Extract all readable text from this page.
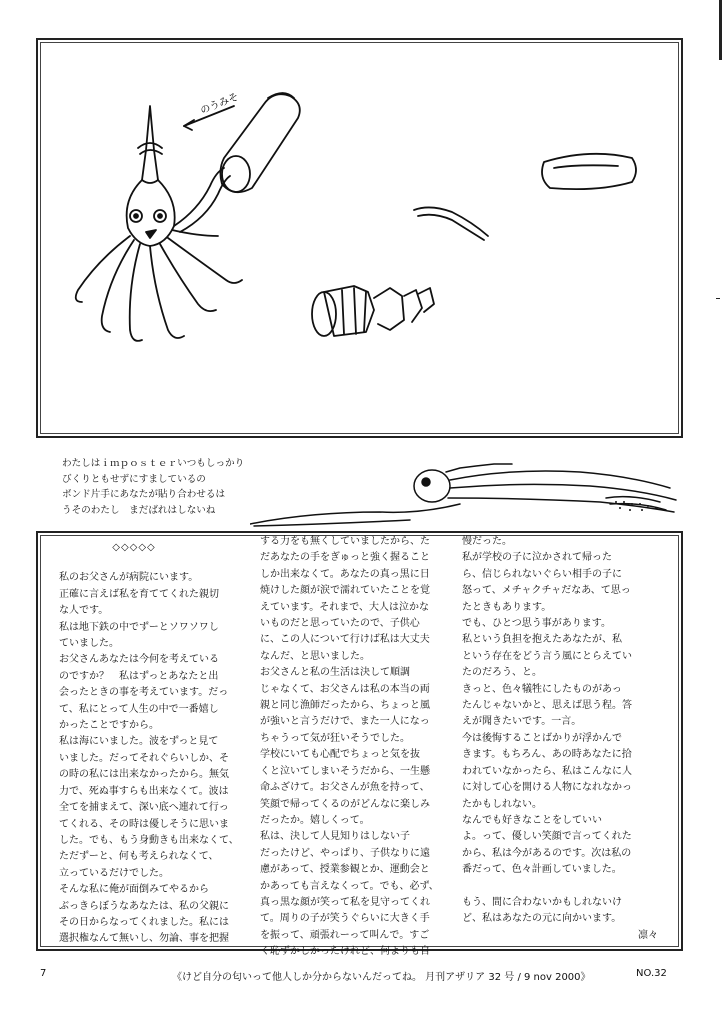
のうみそ
わたしはｉｍｐｏｓｔｅｒいつもしっかり
びくりともせずにすましているの
ボンド片手にあなたが貼り合わせるは
うそのわたし　まだばれはしないね
◇◇◇◇◇
私のお父さんが病院にいます。
正確に言えば私を育ててくれた親切
な人です。
私は地下鉄の中でずーとソワソワし
ていました。
お父さんあなたは今何を考えている
のですか？　私はずっとあなたと出
会ったときの事を考えています。だっ
て、私にとって人生の中で一番嬉し
かったことですから。
私は海にいました。波をずっと見て
いました。だってそれぐらいしか、そ
の時の私には出来なかったから。無気
力で、死ぬ事すらも出来なくて。波は
全てを捕まえて、深い底へ連れて行っ
てくれる、その時は優しそうに思いま
した。でも、もう身動きも出来なくて、
ただずーと、何も考えられなくて、
立っているだけでした。
そんな私に俺が面倒みてやるから
ぶっきらぼうなあなたは、私の父親に
その日からなってくれました。私には
選択権なんて無いし、勿論、事を把握
する力をも無くしていましたから、た
だあなたの手をぎゅっと強く握ること
しか出来なくて。あなたの真っ黒に日
焼けした顔が涙で濡れていたことを覚
えています。それまで、大人は泣かな
いものだと思っていたので、子供心
に、この人について行けば私は大丈夫
なんだ、と思いました。
お父さんと私の生活は決して順調
じゃなくて、お父さんは私の本当の両
親と同じ漁師だったから、ちょっと風
が強いと言うだけで、また一人になっ
ちゃうって気が狂いそうでした。
学校にいても心配でちょっと気を抜
くと泣いてしまいそうだから、一生懸
命ふざけて。お父さんが魚を持って、
笑顔で帰ってくるのがどんなに楽しみ
だったか。嬉しくって。
私は、決して人見知りはしない子
だったけど、やっぱり、子供なりに遠
慮があって、授業参観とか、運動会と
かあっても言えなくって。でも、必ず、
真っ黒な顔が笑って私を見守ってくれ
て。周りの子が笑うぐらいに大きく手
を振って、頑張れーって叫んで。すご
く恥ずかしかったけれど、何よりも自
慢だった。
私が学校の子に泣かされて帰った
ら、信じられないぐらい相手の子に
怒って、メチャクチャだなあ、て思っ
たときもあります。
でも、ひとつ思う事があります。
私という負担を抱えたあなたが、私
という存在をどう言う風にとらえてい
たのだろう、と。
きっと、色々犠牲にしたものがあっ
たんじゃないかと、思えば思う程。答
えが聞きたいです。一言。
今は後悔することばかりが浮かんで
きます。もちろん、あの時あなたに拾
われていなかったら、私はこんなに人
に対して心を開ける人物になれなかっ
たかもしれない。
なんでも好きなことをしていい
よ。って、優しい笑顔で言ってくれた
から、私は今があるのです。次は私の
番だって、色々計画していました。
もう、間に合わないかもしれないけ
ど、私はあなたの元に向かいます。
凛々
7	《けど自分の匂いって他人しか分からないんだってね。 月刊アザリア 32 号 / 9 nov 2000》	NO.32
